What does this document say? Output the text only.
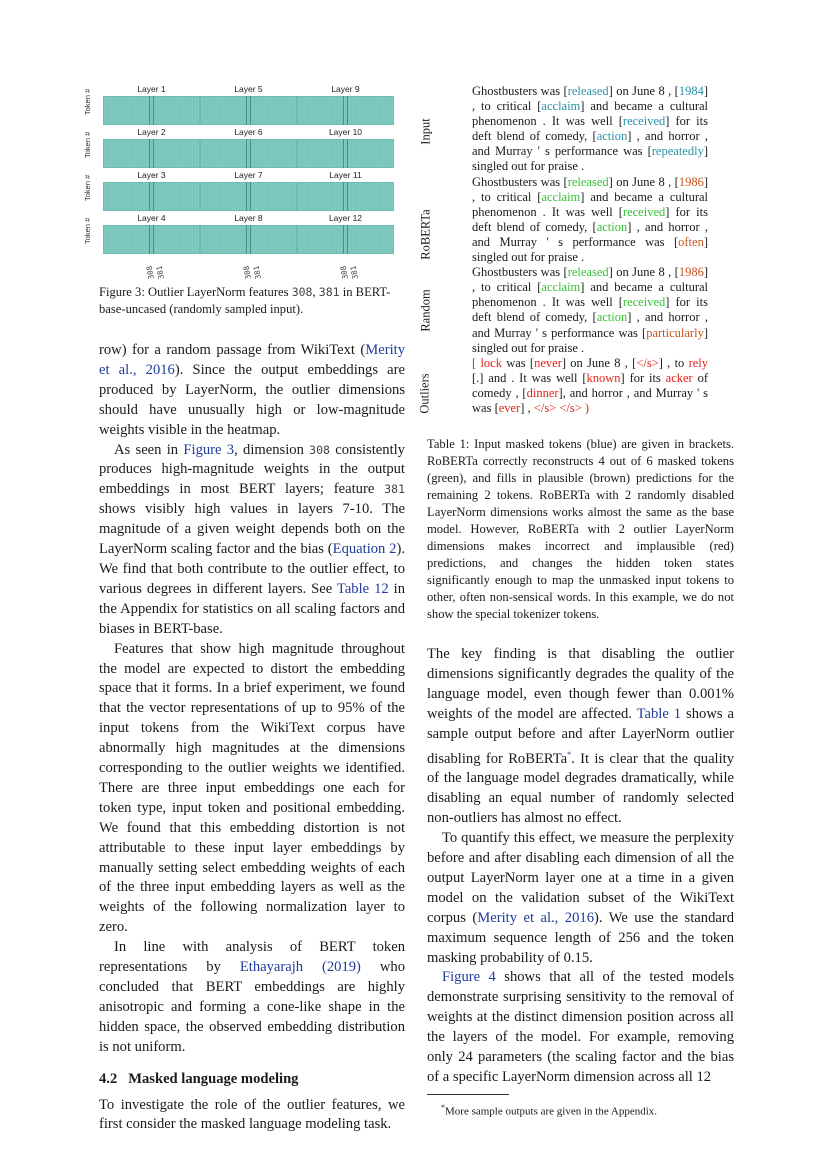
Token #	Layer 1	Layer 5	Layer 9
Token #	Layer 2	Layer 6	Layer 10
Token #	Layer 3	Layer 7	Layer 11
Token #	Layer 4	Layer 8	Layer 12
308
381	308
381	308
381
Figure 3: Outlier LayerNorm features 308, 381 in BERT-base-uncased (randomly sampled input).

row) for a random passage from WikiText (Merity et al., 2016). Since the output embeddings are produced by LayerNorm, the outlier dimensions should have unusually high or low-magnitude weights visible in the heatmap.

As seen in Figure 3, dimension 308 consistently produces high-magnitude weights in the output embeddings in most BERT layers; feature 381 shows visibly high values in layers 7-10. The magnitude of a given weight depends both on the LayerNorm scaling factor and the bias (Equation 2). We find that both contribute to the outlier effect, to various degrees in different layers. See Table 12 in the Appendix for statistics on all scaling factors and biases in BERT-base.

Features that show high magnitude throughout the model are expected to distort the embedding space that it forms. In a brief experiment, we found that the vector representations of up to 95% of the input tokens from the WikiText corpus have abnormally high magnitudes at the dimensions corresponding to the outlier weights we identified. There are three input embeddings one each for token type, input token and positional embedding. We found that this embedding distortion is not attributable to these input layer embeddings by manually setting select embedding weights of each of the three input embedding layers as well as the weights of the following normalization layer to zero.

In line with analysis of BERT token representations by Ethayarajh (2019) who concluded that BERT embeddings are highly anisotropic and forming a cone-like shape in the hidden space, the observed embedding distribution is not uniform.

4.2 Masked language modeling

To investigate the role of the outlier features, we first consider the masked language modeling task.

Input
Ghostbusters was [released] on June 8 , [1984] , to critical [acclaim] and became a cultural phenomenon . It was well [received] for its deft blend of comedy, [action] , and horror , and Murray ' s performance was [repeatedly] singled out for praise .
RoBERTa
Ghostbusters was [released] on June 8 , [1986] , to critical [acclaim] and became a cultural phenomenon . It was well [received] for its deft blend of comedy, [action] , and horror , and Murray ' s performance was [often] singled out for praise .
Random
Ghostbusters was [released] on June 8 , [1986] , to critical [acclaim] and became a cultural phenomenon . It was well [received] for its deft blend of comedy, [action] , and horror , and Murray ' s performance was [particularly] singled out for praise .
Outliers
[ lock was [never] on June 8 , [</s>] , to rely [.] and . It was well [known] for its acker of comedy , [dinner], and horror , and Murray ' s was [ever] , </s> </s> )
Table 1: Input masked tokens (blue) are given in brackets. RoBERTa correctly reconstructs 4 out of 6 masked tokens (green), and fills in plausible (brown) predictions for the remaining 2 tokens. RoBERTa with 2 randomly disabled LayerNorm dimensions works almost the same as the base model. However, RoBERTa with 2 outlier LayerNorm dimensions makes incorrect and implausible (red) predictions, and changes the hidden token states significantly enough to map the unmasked input tokens to other, often non-sensical words. In this example, we do not show the special tokenizer tokens.

The key finding is that disabling the outlier dimensions significantly degrades the quality of the language model, even though fewer than 0.001% weights of the model are affected. Table 1 shows a sample output before and after LayerNorm outlier disabling for RoBERTa*. It is clear that the quality of the language model degrades dramatically, while disabling an equal number of randomly selected non-outliers has almost no effect.

To quantify this effect, we measure the perplexity before and after disabling each dimension of all the output LayerNorm layer one at a time in a given model on the validation subset of the WikiText corpus (Merity et al., 2016). We use the standard maximum sequence length of 256 and the token masking probability of 0.15.

Figure 4 shows that all of the tested models demonstrate surprising sensitivity to the removal of weights at the distinct dimension position across all the layers of the model. For example, removing only 24 parameters (the scaling factor and the bias of a specific LayerNorm dimension across all 12

*More sample outputs are given in the Appendix.
